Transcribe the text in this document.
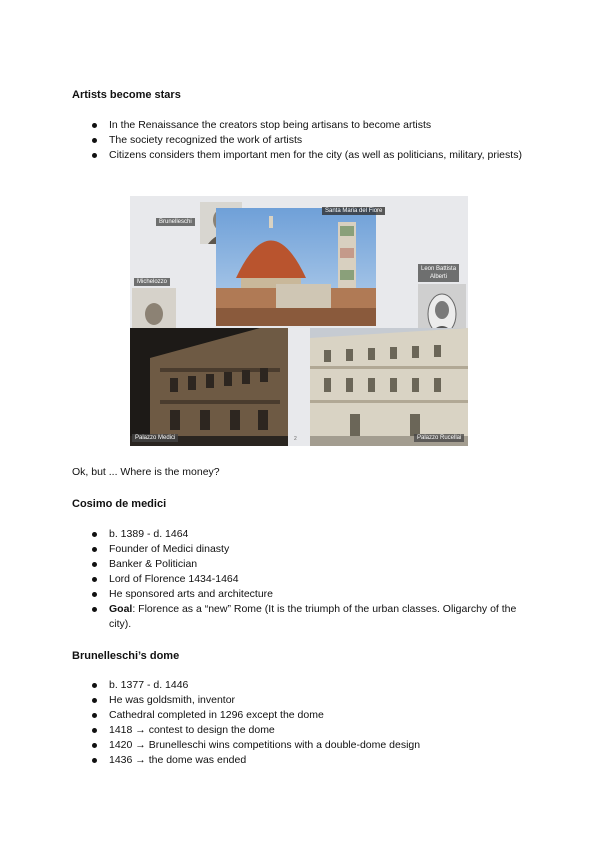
Artists become stars
In the Renaissance the creators stop being artisans to become artists
The society recognized the work of artists
Citizens considers them important men for the city (as well as politicians, military, priests)
Brunelleschi
Santa Maria del Fiore
Michelozzo
Leon Battista
Alberti
Palazzo Medici	Palazzo Rucellai
2
Ok, but ... Where is the money?
Cosimo de medici
b. 1389 - d. 1464
Founder of Medici dinasty
Banker & Politician
Lord of Florence 1434-1464
He sponsored arts and architecture
Goal: Florence as a “new” Rome (It is the triumph of the urban classes. Oligarchy of the city).
Brunelleschi’s dome
b. 1377 - d. 1446
He was goldsmith, inventor
Cathedral completed in 1296 except the dome
1418 → contest to design the dome
1420 → Brunelleschi wins competitions with a double-dome design
1436 → the dome was ended
